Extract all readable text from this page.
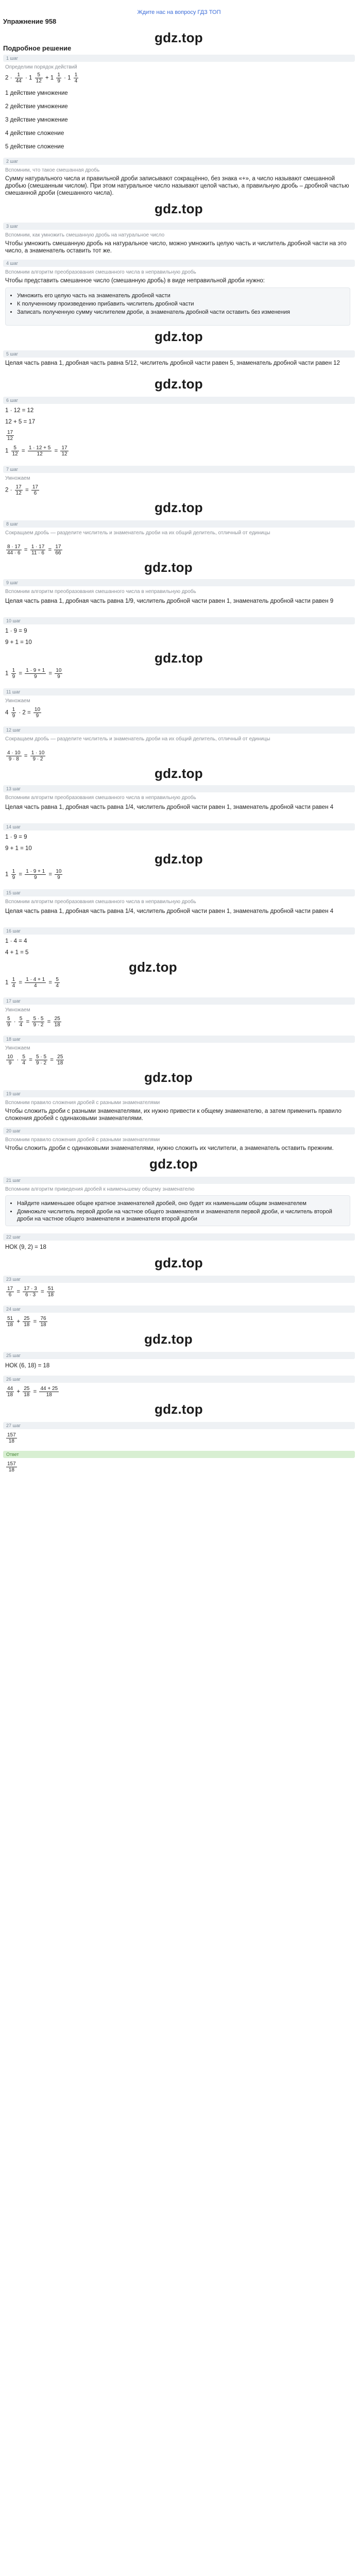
Ждите нас на вопросу ГДЗ ТОП
Упражнение 958
gdz.top
Подробное решение
1 шаг
Определим порядок действий
$2 \cdot \frac{1}{44} \cdot 1 \frac{5}{12} + 1 \frac{1}{9} \cdot 1 \frac{1}{4}$
1 действие умножение
2 действие умножение
3 действие умножение
4 действие сложение
5 действие сложение
2 шаг
Вспомним, что такое смешанная дробь
Сумму натурального числа и правильной дроби записывают сокращённо, без знака «+», а число называют смешанной дробью (смешанным числом). При этом натуральное число называют целой частью, а правильную дробь – дробной частью смешанной дроби (смешанного числа).
gdz.top
3 шаг
Вспомним, как умножить смешанную дробь на натуральное число
Чтобы умножить смешанную дробь на натуральное число, можно умножить целую часть и числитель дробной части на это число, а знаменатель оставить тот же.
4 шаг
Вспомним алгоритм преобразования смешанного числа в неправильную дробь
Чтобы представить смешанное число (смешанную дробь) в виде неправильной дроби нужно:
• Умножить его целую часть на знаменатель дробной части
• К полученному произведению прибавить числитель дробной части
• Записать полученную сумму числителем дроби, а знаменатель дробной части оставить без изменения
gdz.top
5 шаг
Целая часть равна 1, дробная часть равна 5/12, числитель дробной части равен 5, знаменатель дробной части равен 12
gdz.top
6 шаг
1 · 12 = 12
12 + 5 = 17
$\frac{17}{12}$
$1 \frac{5}{12} = \frac{1 \cdot 12 + 5}{12} = \frac{17}{12}$
7 шаг
Умножаем
$2 \cdot \frac{17}{12} = \frac{17}{6}$
gdz.top
8 шаг
Сокращаем дробь — разделите числитель и знаменатель дроби на их общий делитель, отличный от единицы
$\frac{8 \cdot 17}{44 \cdot 6} = \frac{1 \cdot 17}{11 \cdot 6} = \frac{17}{66}$
gdz.top
9 шаг
Вспомним алгоритм преобразования смешанного числа в неправильную дробь
Целая часть равна 1, дробная часть равна 1/9, числитель дробной части равен 1, знаменатель дробной части равен 9
10 шаг
1 · 9 = 9
9 + 1 = 10
gdz.top
$1 \frac{1}{9} = \frac{1 \cdot 9 + 1}{9} = \frac{10}{9}$
11 шаг
Умножаем
$4 \frac{1}{9} \cdot 2 = \frac{10}{9}$
12 шаг
Сокращаем дробь — разделите числитель и знаменатель дроби на их общий делитель, отличный от единицы
$\frac{4 \cdot 10}{9 \cdot 8} = \frac{1 \cdot 10}{9 \cdot 2}$
gdz.top
13 шаг
Вспомним алгоритм преобразования смешанного числа в неправильную дробь
Целая часть равна 1, дробная часть равна 1/4, числитель дробной части равен 1, знаменатель дробной части равен 4
14 шаг
1 · 9 = 9
9 + 1 = 10
gdz.top
$1 \frac{1}{9} = \frac{1 \cdot 9 + 1}{9} = \frac{10}{9}$
15 шаг
Вспомним алгоритм преобразования смешанного числа в неправильную дробь
Целая часть равна 1, дробная часть равна 1/4, числитель дробной части равен 1, знаменатель дробной части равен 4
16 шаг
1 · 4 = 4
4 + 1 = 5
gdz.top
$1 \frac{1}{4} = \frac{1 \cdot 4 + 1}{4} = \frac{5}{4}$
17 шаг
Умножаем
$\frac{5}{9} \cdot \frac{5}{4} = \frac{5 \cdot 5}{9 \cdot 2} = \frac{25}{18}$
18 шаг
Умножаем
$\frac{10}{9} \cdot \frac{5}{4} = \frac{5 \cdot 5}{9 \cdot 2} = \frac{25}{18}$
gdz.top
19 шаг
Вспомним правило сложения дробей с разными знаменателями
Чтобы сложить дроби с разными знаменателями, их нужно привести к общему знаменателю, а затем применить правило сложения дробей с одинаковыми знаменателями.
20 шаг
Вспомним правило сложения дробей с разными знаменателями
Чтобы сложить дроби с одинаковыми знаменателями, нужно сложить их числители, а знаменатель оставить прежним.
gdz.top
21 шаг
Вспомним алгоритм приведения дробей к наименьшему общему знаменателю
• Найдите наименьшее общее кратное знаменателей дробей, оно будет их наименьшим общим знаменателем
• Домножьте числитель первой дроби на частное общего знаменателя и знаменателя первой дроби, и числитель второй дроби на частное общего знаменателя и знаменателя второй дроби
22 шаг
НОК (9, 2) = 18
gdz.top
23 шаг
$\frac{17}{6} = \frac{17 \cdot 3}{6 \cdot 3} = \frac{51}{18}$
24 шаг
$\frac{51}{18} + \frac{25}{18} = \frac{76}{18}$
gdz.top
25 шаг
НОК (6, 18) = 18
26 шаг
$\frac{44}{18} + \frac{25}{18} = \frac{44 + 25}{18}$
gdz.top
27 шаг
$\frac{157}{18}$
Ответ
$\frac{157}{18}$
